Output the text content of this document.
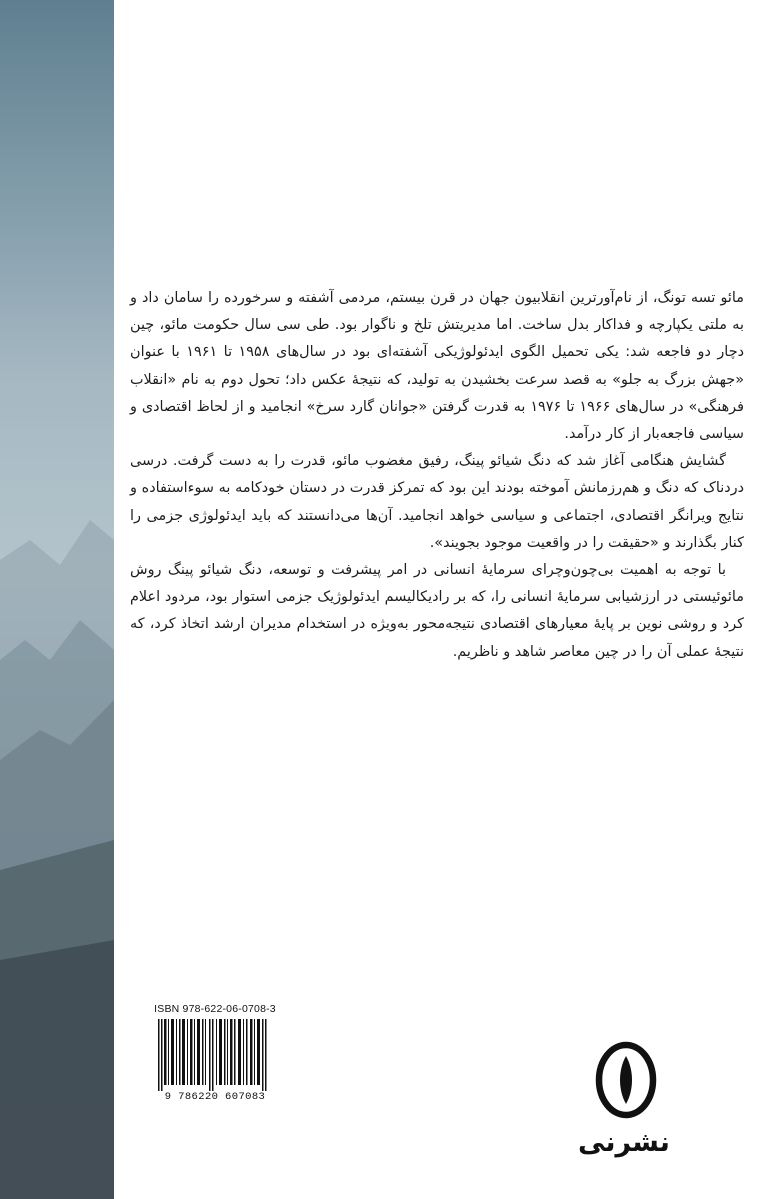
مائو تسه تونگ، از نام‌آورترین انقلابیون جهان در قرن بیستم، مردمی آشفته و سرخورده را سامان داد و به ملتی یکپارچه و فداکار بدل ساخت. اما مدیریتش تلخ و ناگوار بود. طی سی سال حکومت مائو، چین دچار دو فاجعه شد: یکی تحمیل الگوی ایدئولوژیکی آشفته‌ای بود در سال‌های ۱۹۵۸ تا ۱۹۶۱ با عنوان «جهش بزرگ به جلو» به قصد سرعت بخشیدن به تولید، که نتیجهٔ عکس داد؛ تحول دوم به نام «انقلاب فرهنگی» در سال‌های ۱۹۶۶ تا ۱۹۷۶ به قدرت گرفتن «جوانان گارد سرخ» انجامید و از لحاظ اقتصادی و سیاسی فاجعه‌بار از کار درآمد.

گشایش هنگامی آغاز شد که دنگ شیائو پینگ، رفیق مغضوب مائو، قدرت را به دست گرفت. درسی دردناک که دنگ و هم‌رزمانش آموخته بودند این بود که تمرکز قدرت در دستان خودکامه به سوءاستفاده و نتایج ویرانگر اقتصادی، اجتماعی و سیاسی خواهد انجامید. آن‌ها می‌دانستند که باید ایدئولوژی جزمی را کنار بگذارند و «حقیقت را در واقعیت موجود بجویند».

با توجه به اهمیت بی‌چون‌وچرای سرمایهٔ انسانی در امر پیشرفت و توسعه، دنگ شیائو پینگ روش مائوئیستی در ارزشیابی سرمایهٔ انسانی را، که بر رادیکالیسم ایدئولوژیک جزمی استوار بود، مردود اعلام کرد و روشی نوین بر پایهٔ معیارهای اقتصادی نتیجه‌محور به‌ویژه در استخدام مدیران ارشد اتخاذ کرد، که نتیجهٔ عملی آن را در چین معاصر شاهد و ناظریم.

ISBN 978-622-06-0708-3
9 786220 607083
نشرنی
